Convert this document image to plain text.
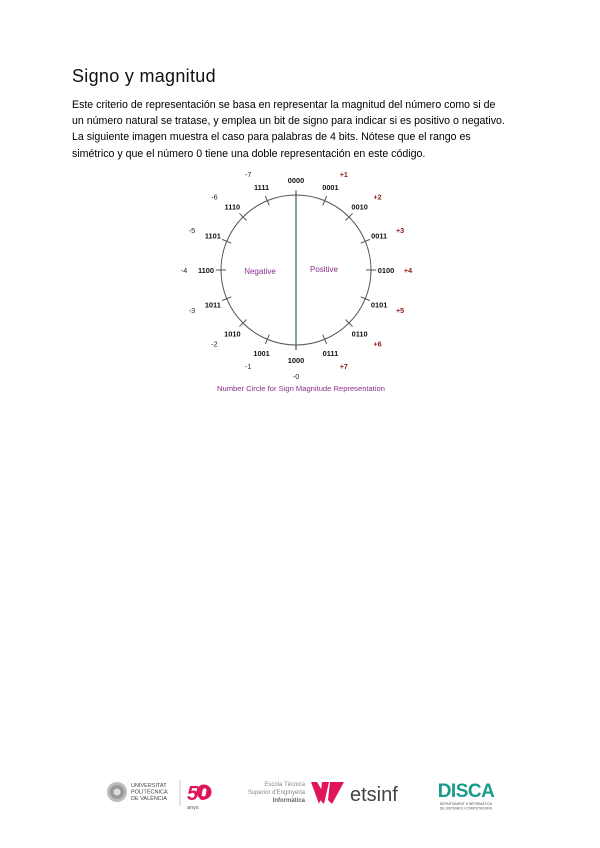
Signo y magnitud
Este criterio de representación se basa en representar la magnitud del número como si de
un número natural se tratase, y emplea un bit de signo para indicar si es positivo o negativo.
La siguiente imagen muestra el caso para palabras de 4 bits. Nótese que el rango es
simétrico y que el número 0 tiene una doble representación en este código.
Negative	Positive
0000
0001
0010
0011
0100
0101
0110
0111
1000
1001
1010
1011
1100
1101
1110
1111
+1
+2
+3
+4
+5
+6
+7
-0
-1
-2
-3
-4
-5
-6
-7
Number Circle for Sign Magnitude Representation
UNIVERSITAT
POLITÈCNICA
DE VALÈNCIA 50
anys
Escola Tècnica
Superior d'Enginyeria
Informàtica etsinf DISCA
DEPARTAMENT D'INFORMÀTICA
DE SISTEMES I COMPUTADORS
